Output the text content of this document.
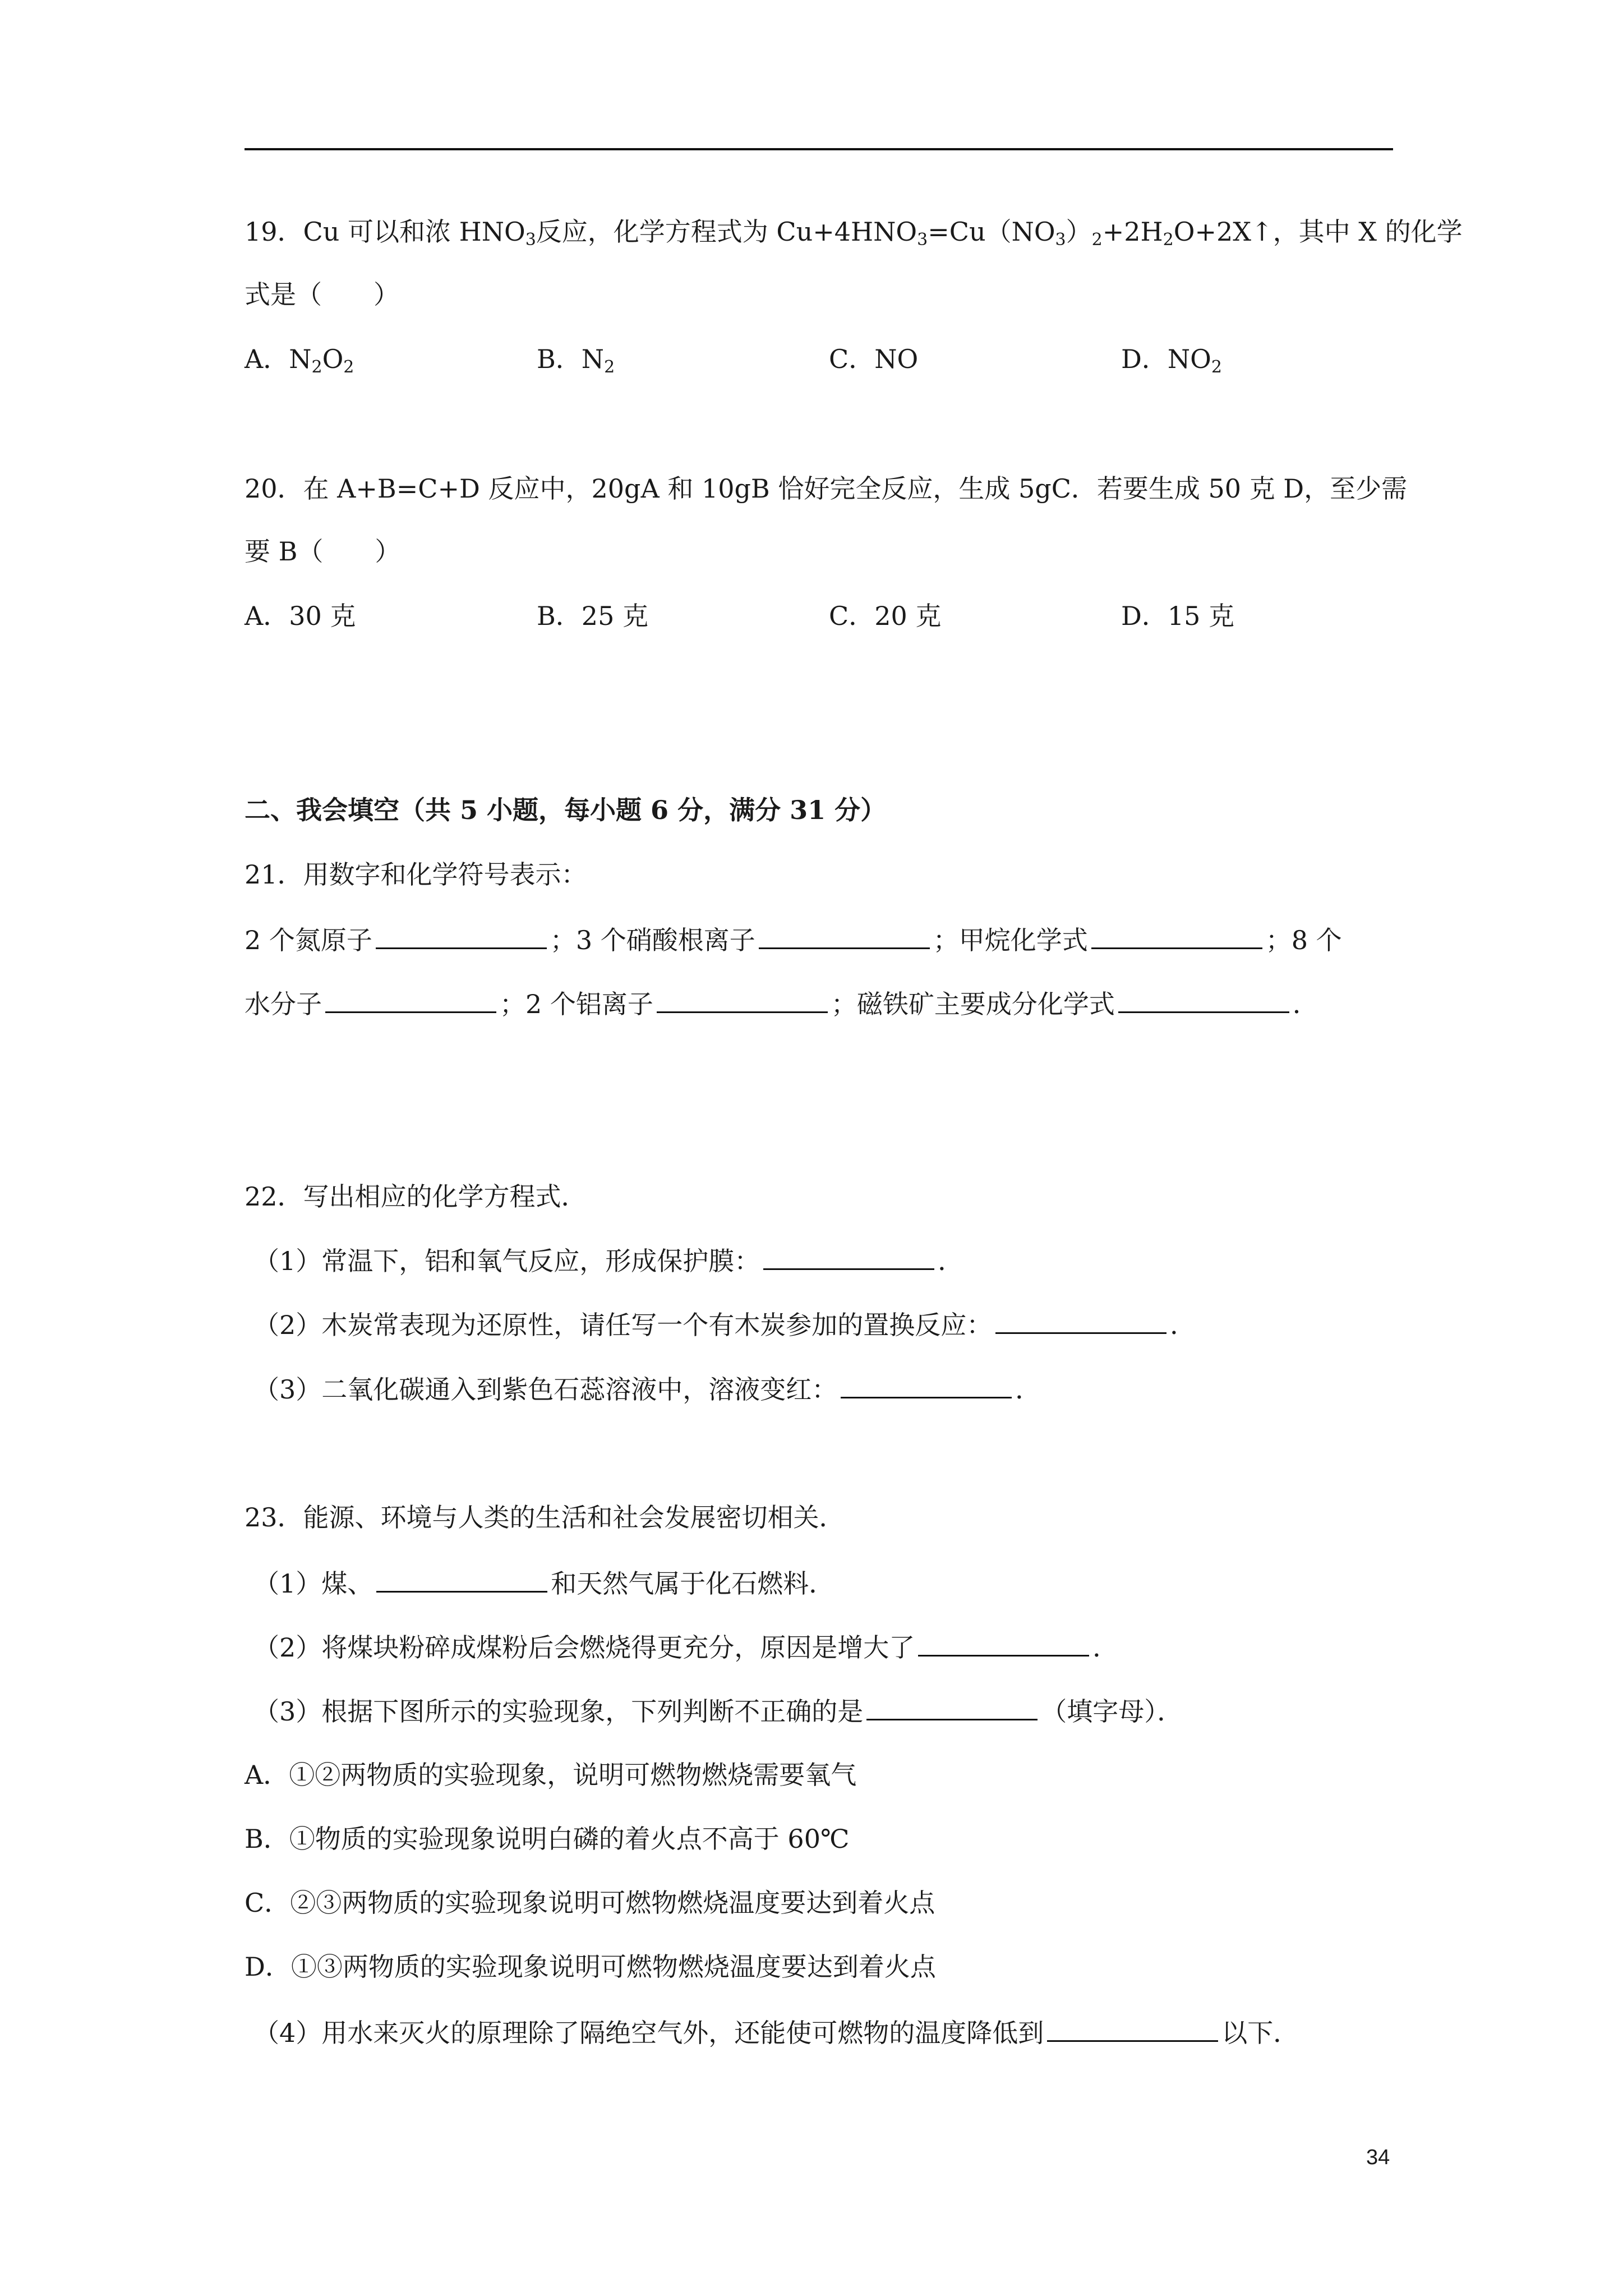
19．Cu 可以和浓 $HNO_3$反应，化学方程式为 $Cu+4HNO_3=Cu(NO_3)_2+2H_2O+2X↑$，其中 X 的化学
式是（　　）
A．$N_2O_2$	B．$N_2$	C．NO	D．$NO_2$
20．在 A+B=C+D 反应中，20gA 和 10gB 恰好完全反应，生成 5gC．若要生成 50 克 D，至少需
要 B（　　）
A．30 克	B．25 克	C．20 克	D．15 克
二、我会填空（共 5 小题，每小题 6 分，满分 31 分）
21．用数字和化学符号表示：
2 个氮原子	；3 个硝酸根离子	；甲烷化学式	；8 个
水分子	；2 个铝离子	；磁铁矿主要成分化学式	．
22．写出相应的化学方程式．
（1）常温下，铝和氧气反应，形成保护膜：	．
（2）木炭常表现为还原性，请任写一个有木炭参加的置换反应：	．
（3）二氧化碳通入到紫色石蕊溶液中，溶液变红：	．
23．能源、环境与人类的生活和社会发展密切相关．
（1）煤、	和天然气属于化石燃料．
（2）将煤块粉碎成煤粉后会燃烧得更充分，原因是增大了	．
（3）根据下图所示的实验现象，下列判断不正确的是	（填字母）．
A．①②两物质的实验现象，说明可燃物燃烧需要氧气
B．①物质的实验现象说明白磷的着火点不高于 60℃
C．②③两物质的实验现象说明可燃物燃烧温度要达到着火点
D．①③两物质的实验现象说明可燃物燃烧温度要达到着火点
（4）用水来灭火的原理除了隔绝空气外，还能使可燃物的温度降低到	以下．
34
